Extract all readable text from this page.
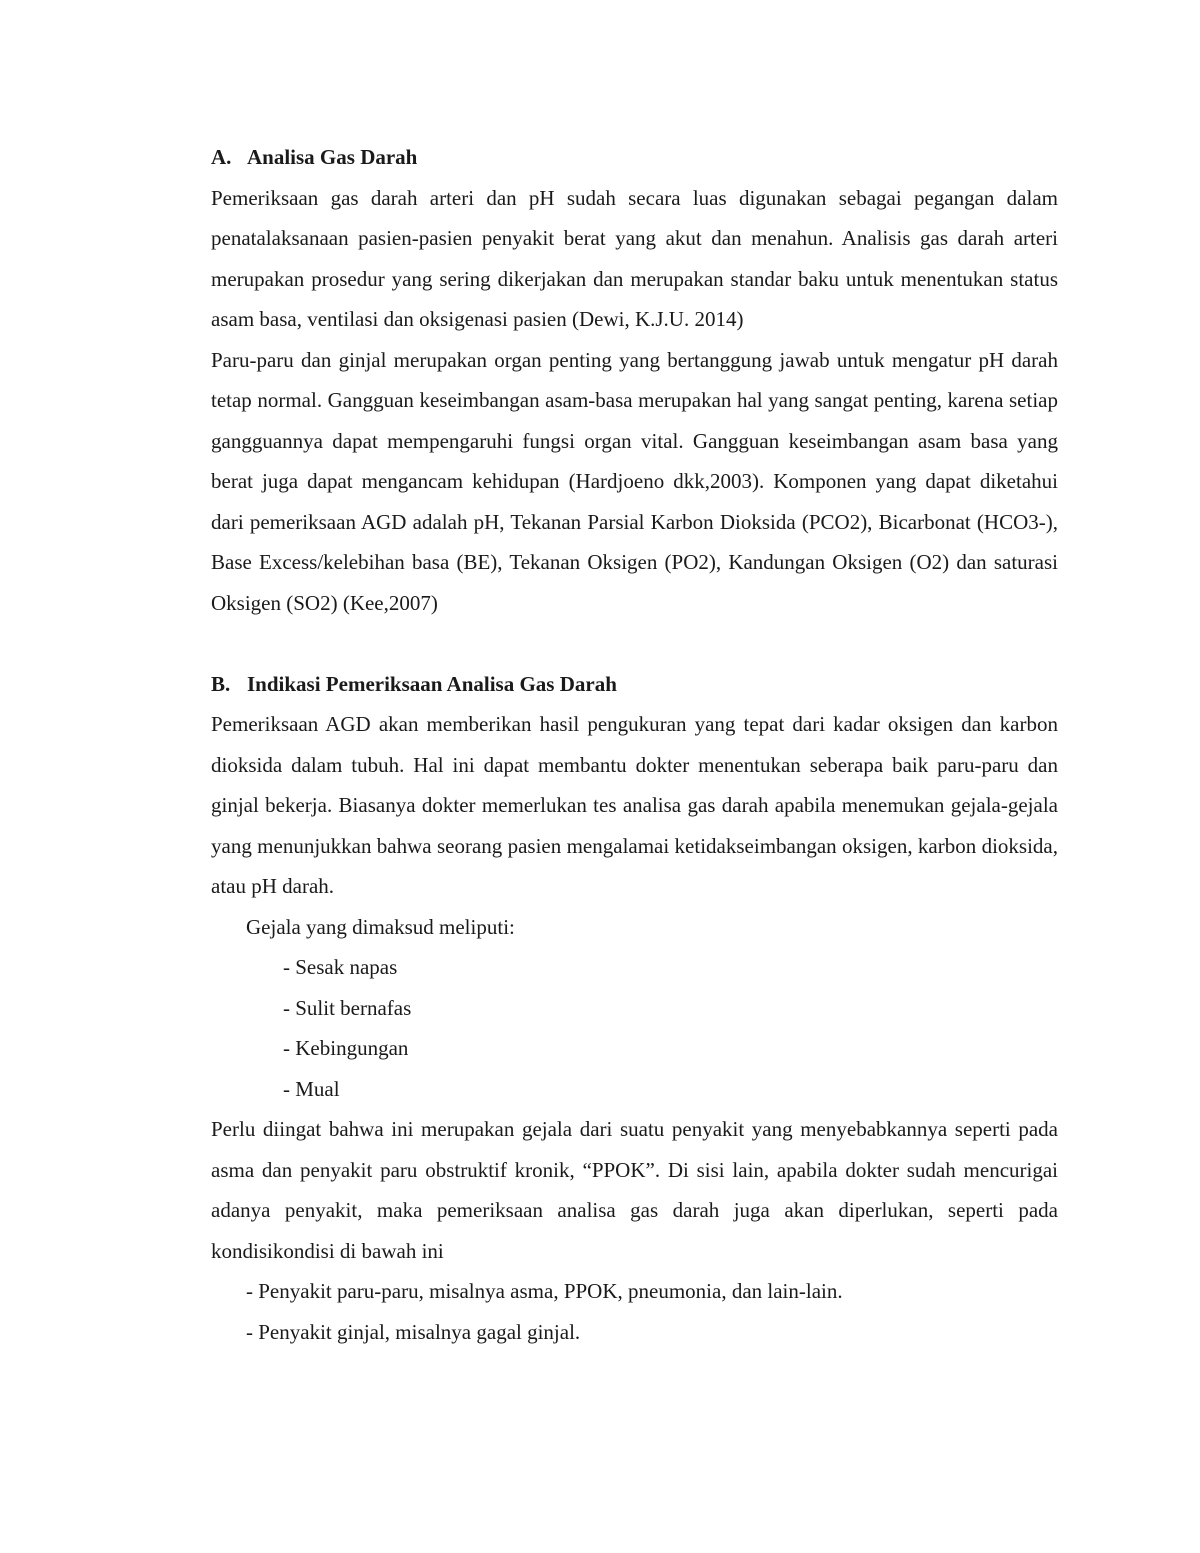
A. Analisa Gas Darah

Pemeriksaan gas darah arteri dan pH sudah secara luas digunakan sebagai pegangan dalam penatalaksanaan pasien-pasien penyakit berat yang akut dan menahun. Analisis gas darah arteri merupakan prosedur yang sering dikerjakan dan merupakan standar baku untuk menentukan status asam basa, ventilasi dan oksigenasi pasien (Dewi, K.J.U. 2014)

Paru-paru dan ginjal merupakan organ penting yang bertanggung jawab untuk mengatur pH darah tetap normal. Gangguan keseimbangan asam-basa merupakan hal yang sangat penting, karena setiap gangguannya dapat mempengaruhi fungsi organ vital. Gangguan keseimbangan asam basa yang berat juga dapat mengancam kehidupan (Hardjoeno dkk,2003). Komponen yang dapat diketahui dari pemeriksaan AGD adalah pH, Tekanan Parsial Karbon Dioksida (PCO2), Bicarbonat (HCO3-), Base Excess/kelebihan basa (BE), Tekanan Oksigen (PO2), Kandungan Oksigen (O2) dan saturasi Oksigen (SO2) (Kee,2007)

B. Indikasi Pemeriksaan Analisa Gas Darah

Pemeriksaan AGD akan memberikan hasil pengukuran yang tepat dari kadar oksigen dan karbon dioksida dalam tubuh. Hal ini dapat membantu dokter menentukan seberapa baik paru-paru dan ginjal bekerja. Biasanya dokter memerlukan tes analisa gas darah apabila menemukan gejala-gejala yang menunjukkan bahwa seorang pasien mengalamai ketidakseimbangan oksigen, karbon dioksida, atau pH darah.

Gejala yang dimaksud meliputi:
- Sesak napas
- Sulit bernafas
- Kebingungan
- Mual

Perlu diingat bahwa ini merupakan gejala dari suatu penyakit yang menyebabkannya seperti pada asma dan penyakit paru obstruktif kronik, “PPOK”. Di sisi lain, apabila dokter sudah mencurigai adanya penyakit, maka pemeriksaan analisa gas darah juga akan diperlukan, seperti pada kondisikondisi di bawah ini

- Penyakit paru-paru, misalnya asma, PPOK, pneumonia, dan lain-lain.
- Penyakit ginjal, misalnya gagal ginjal.
